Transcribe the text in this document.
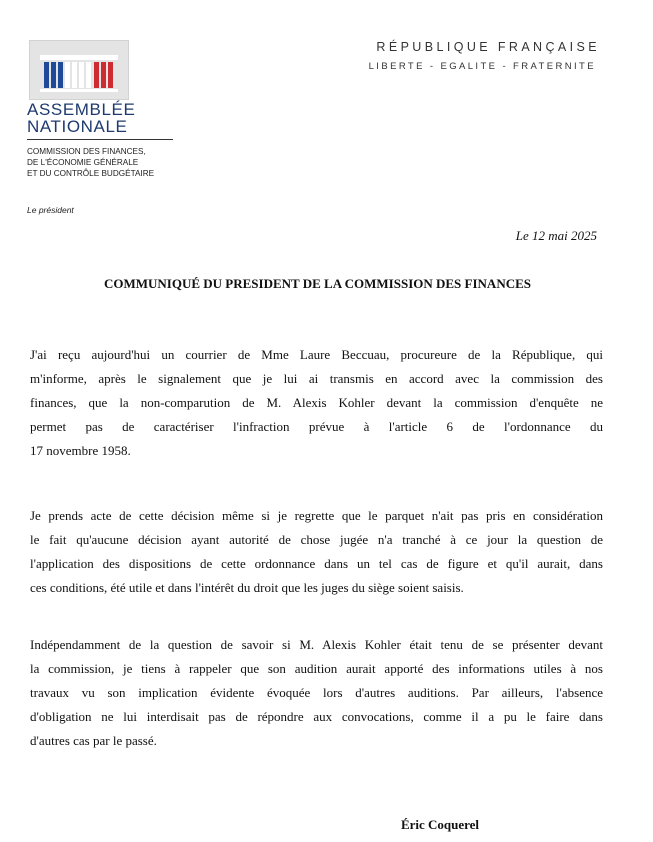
ASSEMBLÉE
NATIONALE
COMMISSION DES FINANCES,
DE L'ÉCONOMIE GÉNÉRALE
ET DU CONTRÔLE BUDGÉTAIRE
Le président
RÉPUBLIQUE FRANÇAISE
LIBERTE - EGALITE - FRATERNITE
Le 12 mai 2025
COMMUNIQUÉ DU PRESIDENT DE LA COMMISSION DES FINANCES
J'ai reçu aujourd'hui un courrier de Mme Laure Beccuau, procureure de la République, qui
m'informe, après le signalement que je lui ai transmis en accord avec la commission des
finances, que la non-comparution de M. Alexis Kohler devant la commission d'enquête ne
permet pas de caractériser l'infraction prévue à l'article 6 de l'ordonnance du
17 novembre 1958.
Je prends acte de cette décision même si je regrette que le parquet n'ait pas pris en considération
le fait qu'aucune décision ayant autorité de chose jugée n'a tranché à ce jour la question de
l'application des dispositions de cette ordonnance dans un tel cas de figure et qu'il aurait, dans
ces conditions, été utile et dans l'intérêt du droit que les juges du siège soient saisis.
Indépendamment de la question de savoir si M. Alexis Kohler était tenu de se présenter devant
la commission, je tiens à rappeler que son audition aurait apporté des informations utiles à nos
travaux vu son implication évidente évoquée lors d'autres auditions. Par ailleurs, l'absence
d'obligation ne lui interdisait pas de répondre aux convocations, comme il a pu le faire dans
d'autres cas par le passé.
Éric Coquerel
